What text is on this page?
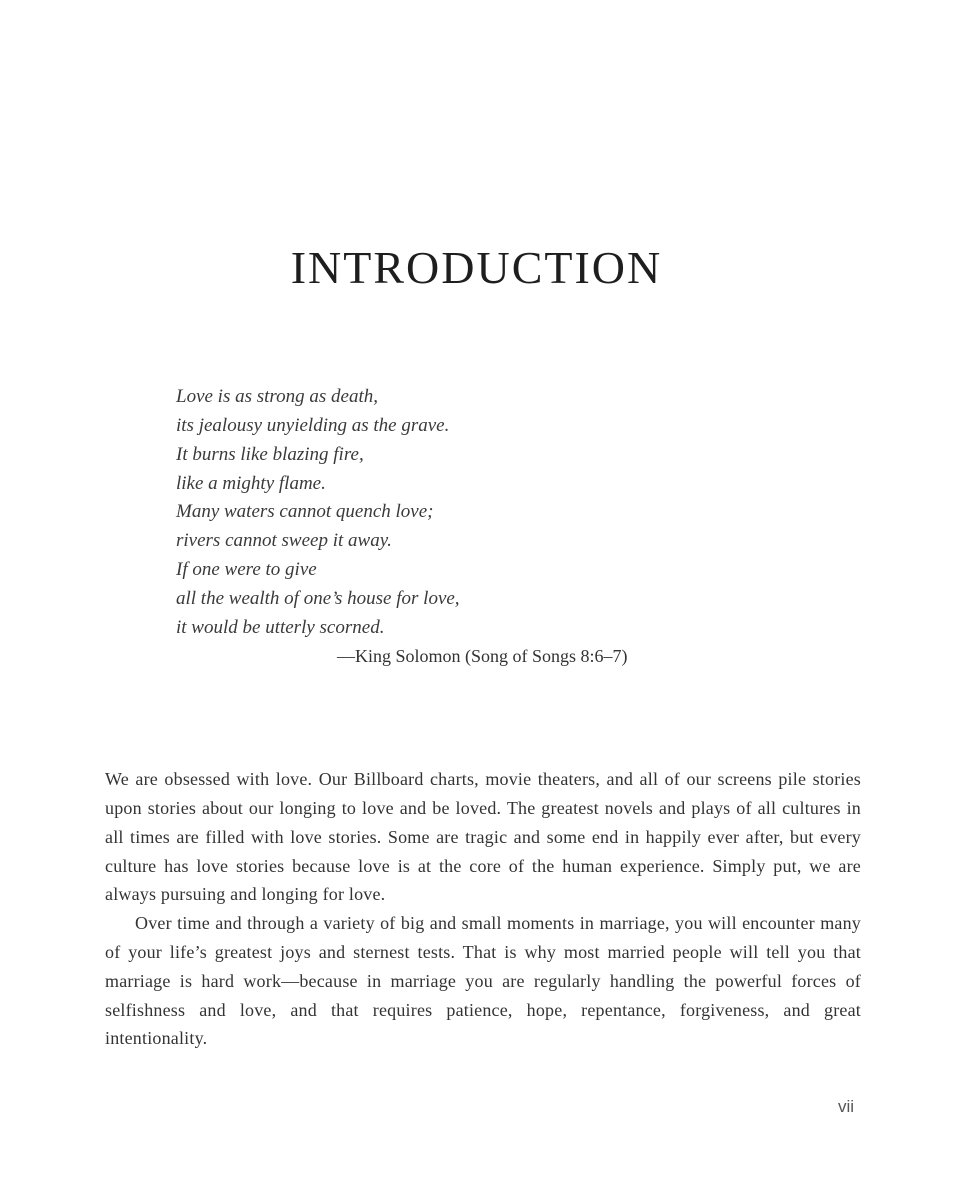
INTRODUCTION
Love is as strong as death,
its jealousy unyielding as the grave.
It burns like blazing fire,
like a mighty flame.
Many waters cannot quench love;
rivers cannot sweep it away.
If one were to give
all the wealth of one’s house for love,
it would be utterly scorned.
—King Solomon (Song of Songs 8:6–7)

We are obsessed with love. Our Billboard charts, movie theaters, and all of our screens pile stories upon stories about our longing to love and be loved. The greatest novels and plays of all cultures in all times are filled with love stories. Some are tragic and some end in happily ever after, but every culture has love stories because love is at the core of the human experience. Simply put, we are always pursuing and longing for love.

Over time and through a variety of big and small moments in marriage, you will encounter many of your life’s greatest joys and sternest tests. That is why most married people will tell you that marriage is hard work—because in marriage you are regularly handling the powerful forces of selfishness and love, and that requires patience, hope, repentance, forgiveness, and great intentionality.

vii
